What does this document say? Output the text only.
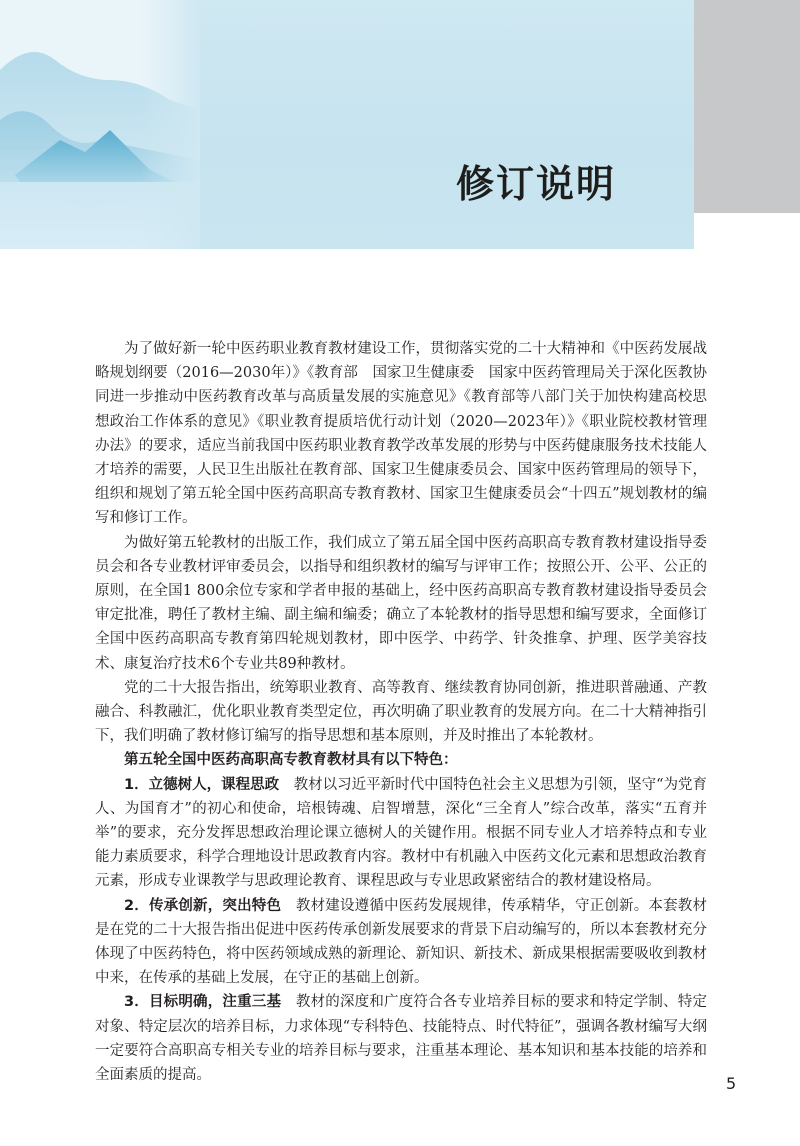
修订说明

为了做好新一轮中医药职业教育教材建设工作，贯彻落实党的二十大精神和《中医药发展战略规划纲要（2016—2030年）》《教育部　国家卫生健康委　国家中医药管理局关于深化医教协同进一步推动中医药教育改革与高质量发展的实施意见》《教育部等八部门关于加快构建高校思想政治工作体系的意见》《职业教育提质培优行动计划（2020—2023年）》《职业院校教材管理办法》的要求，适应当前我国中医药职业教育教学改革发展的形势与中医药健康服务技术技能人才培养的需要，人民卫生出版社在教育部、国家卫生健康委员会、国家中医药管理局的领导下，组织和规划了第五轮全国中医药高职高专教育教材、国家卫生健康委员会“十四五”规划教材的编写和修订工作。

为做好第五轮教材的出版工作，我们成立了第五届全国中医药高职高专教育教材建设指导委员会和各专业教材评审委员会，以指导和组织教材的编写与评审工作；按照公开、公平、公正的原则，在全国1 800余位专家和学者申报的基础上，经中医药高职高专教育教材建设指导委员会审定批准，聘任了教材主编、副主编和编委；确立了本轮教材的指导思想和编写要求，全面修订全国中医药高职高专教育第四轮规划教材，即中医学、中药学、针灸推拿、护理、医学美容技术、康复治疗技术6个专业共89种教材。

党的二十大报告指出，统筹职业教育、高等教育、继续教育协同创新，推进职普融通、产教融合、科教融汇，优化职业教育类型定位，再次明确了职业教育的发展方向。在二十大精神指引下，我们明确了教材修订编写的指导思想和基本原则，并及时推出了本轮教材。

第五轮全国中医药高职高专教育教材具有以下特色：

1．立德树人，课程思政　教材以习近平新时代中国特色社会主义思想为引领，坚守“为党育人、为国育才”的初心和使命，培根铸魂、启智增慧，深化“三全育人”综合改革，落实“五育并举”的要求，充分发挥思想政治理论课立德树人的关键作用。根据不同专业人才培养特点和专业能力素质要求，科学合理地设计思政教育内容。教材中有机融入中医药文化元素和思想政治教育元素，形成专业课教学与思政理论教育、课程思政与专业思政紧密结合的教材建设格局。

2．传承创新，突出特色　教材建设遵循中医药发展规律，传承精华，守正创新。本套教材是在党的二十大报告指出促进中医药传承创新发展要求的背景下启动编写的，所以本套教材充分体现了中医药特色，将中医药领域成熟的新理论、新知识、新技术、新成果根据需要吸收到教材中来，在传承的基础上发展，在守正的基础上创新。

3．目标明确，注重三基　教材的深度和广度符合各专业培养目标的要求和特定学制、特定对象、特定层次的培养目标，力求体现“专科特色、技能特点、时代特征”，强调各教材编写大纲一定要符合高职高专相关专业的培养目标与要求，注重基本理论、基本知识和基本技能的培养和全面素质的提高。	5
